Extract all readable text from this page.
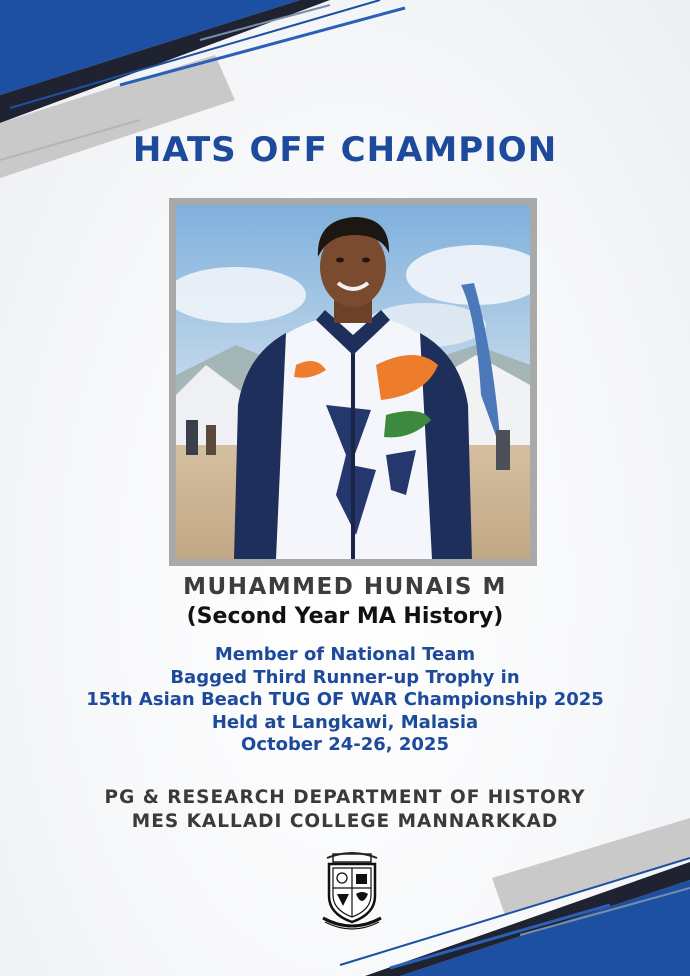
HATS OFF CHAMPION
MUHAMMED HUNAIS M
(Second Year MA History)
Member of National Team
Bagged Third Runner-up Trophy in
15th Asian Beach TUG OF WAR Championship 2025
Held at Langkawi, Malasia
October 24-26, 2025
PG & RESEARCH DEPARTMENT OF HISTORY
MES KALLADI COLLEGE MANNARKKAD
